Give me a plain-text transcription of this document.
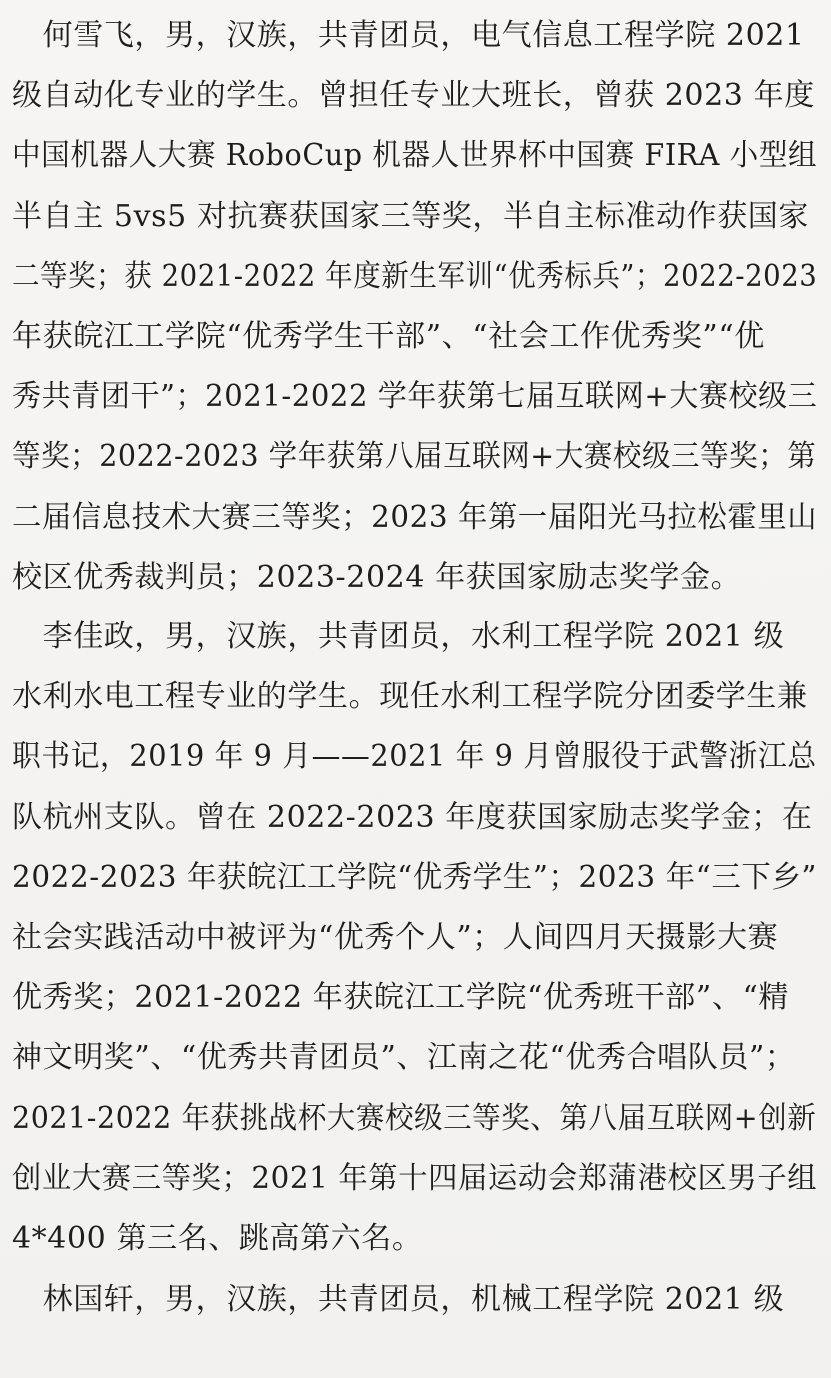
　何雪飞，男，汉族，共青团员，电气信息工程学院 2021
级自动化专业的学生。曾担任专业大班长，曾获 2023 年度
中国机器人大赛 RoboCup 机器人世界杯中国赛 FIRA 小型组
半自主 5vs5 对抗赛获国家三等奖，半自主标准动作获国家
二等奖；获 2021-2022 年度新生军训“优秀标兵”；2022-2023
年获皖江工学院“优秀学生干部”、“社会工作优秀奖”“优
秀共青团干”；2021-2022 学年获第七届互联网+大赛校级三 等奖；2022-2023 学年获第八届互联网+大赛校级三等奖；第 二届信息技术大赛三等奖；2023 年第一届阳光马拉松霍里山
校区优秀裁判员；2023-2024 年获国家励志奖学金。

　李佳政，男，汉族，共青团员，水利工程学院 2021 级
水利水电工程专业的学生。现任水利工程学院分团委学生兼
职书记，2019 年 9 月——2021 年 9 月曾服役于武警浙江总
队杭州支队。曾在 2022-2023 年度获国家励志奖学金；在
2022-2023 年获皖江工学院“优秀学生”；2023 年“三下乡”
社会实践活动中被评为“优秀个人”；人间四月天摄影大赛
优秀奖；2021-2022 年获皖江工学院“优秀班干部”、“精
神文明奖”、“优秀共青团员”、江南之花“优秀合唱队员”；
2021-2022 年获挑战杯大赛校级三等奖、第八届互联网+创新 创业大赛三等奖；2021 年第十四届运动会郑蒲港校区男子组
4*400 第三名、跳高第六名。

　林国轩，男，汉族，共青团员，机械工程学院 2021 级
